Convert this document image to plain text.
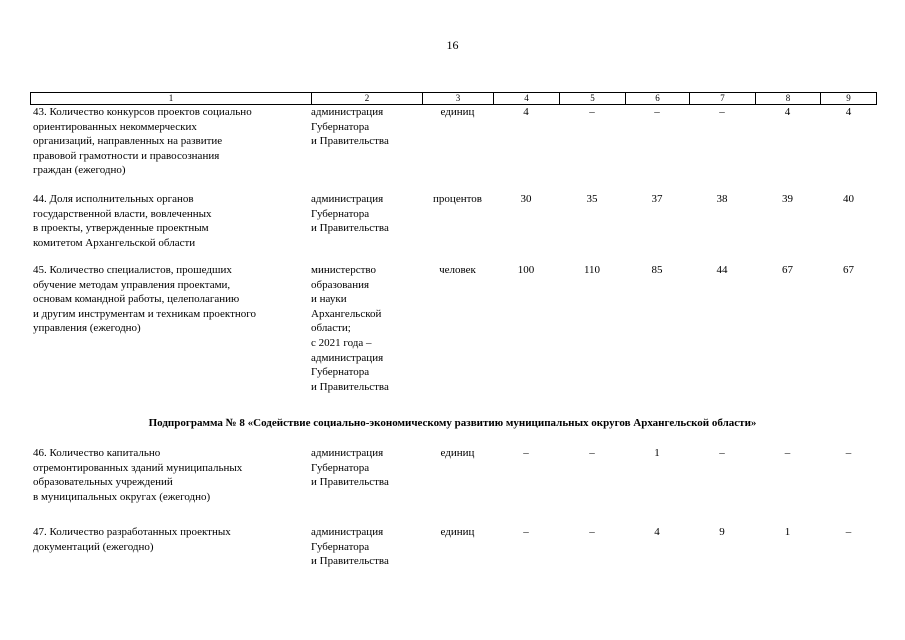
16
1	2	3	4	5	6	7	8	9
43. Количество конкурсов проектов социально
ориентированных некоммерческих
организаций, направленных на развитие
правовой грамотности и правосознания
граждан (ежегодно)
администрация
Губернатора
и Правительства
единиц	4	–	–	–	4	4
44. Доля исполнительных органов
государственной власти, вовлеченных
в проекты, утвержденные проектным
комитетом Архангельской области
администрация
Губернатора
и Правительства
процентов	30	35	37	38	39	40
45. Количество специалистов, прошедших
обучение методам управления проектами,
основам командной работы, целеполаганию
и другим инструментам и техникам проектного
управления (ежегодно)
министерство
образования
и науки
Архангельской
области;
с 2021 года –
администрация
Губернатора
и Правительства
человек	100	110	85	44	67	67
Подпрограмма № 8 «Содействие социально-экономическому развитию муниципальных округов Архангельской области»
46. Количество капитально
отремонтированных зданий муниципальных
образовательных учреждений
в муниципальных округах (ежегодно)
администрация
Губернатора
и Правительства
единиц	–	–	1	–	–	–
47. Количество разработанных проектных
документаций (ежегодно)
администрация
Губернатора
и Правительства
единиц	–	–	4	9	1	–
